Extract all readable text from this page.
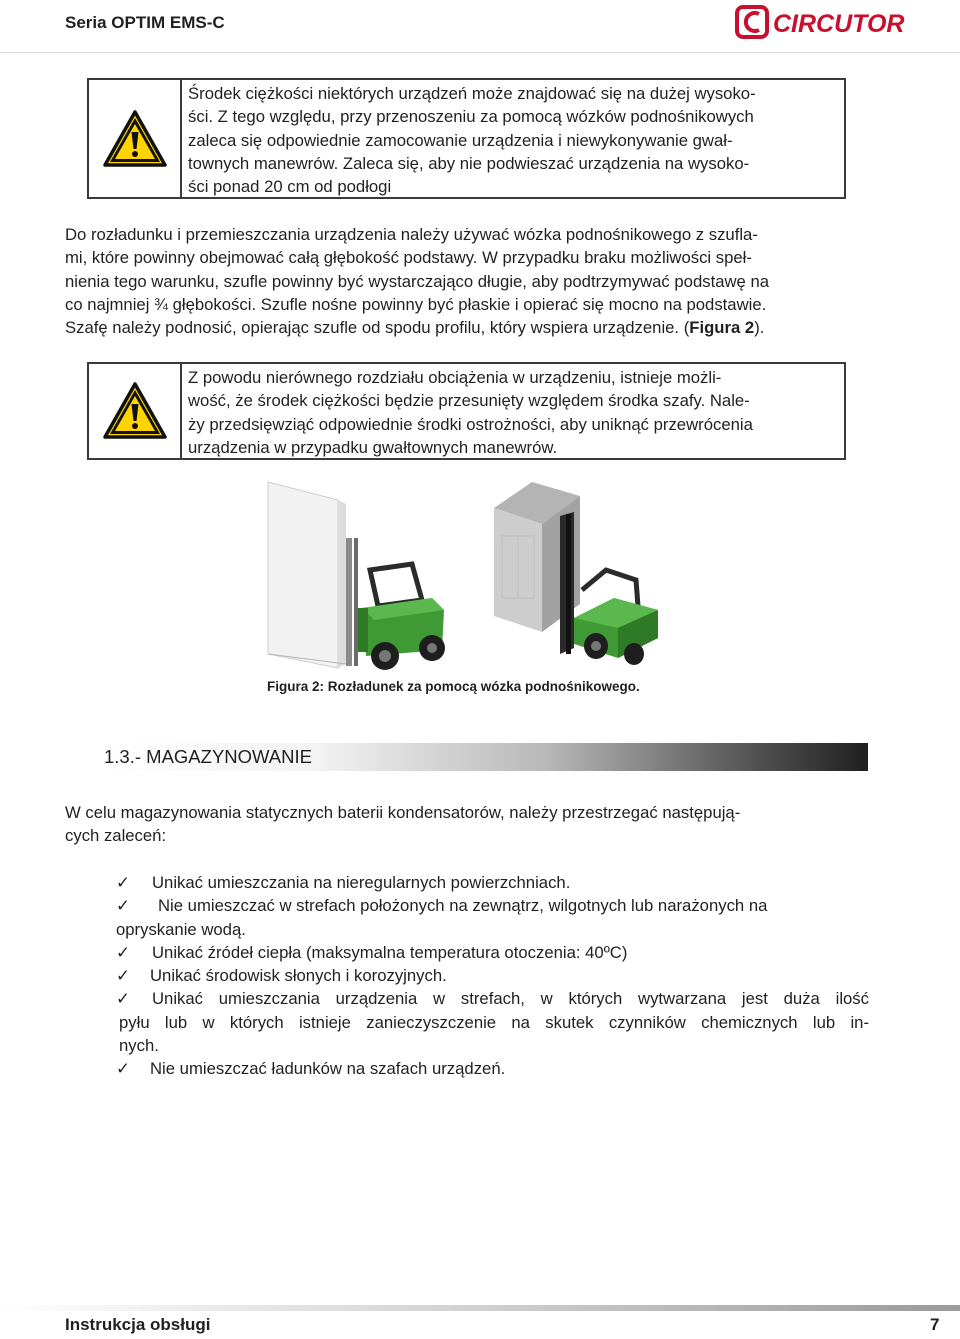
Seria OPTIM EMS-C	CIRCUTOR
Środek ciężkości niektórych urządzeń może znajdować się na dużej wysoko-
ści. Z tego względu, przy przenoszeniu za pomocą wózków podnośnikowych
zaleca się odpowiednie zamocowanie urządzenia i niewykonywanie gwał-
townych manewrów. Zaleca się, aby nie podwieszać urządzenia na wysoko-
ści ponad 20 cm od podłogi
Do rozładunku i przemieszczania urządzenia należy używać wózka podnośnikowego z szufla-
mi, które powinny obejmować całą głębokość podstawy. W przypadku braku możliwości speł-
nienia tego warunku, szufle powinny być wystarczająco długie, aby podtrzymywać podstawę na
co najmniej ¾ głębokości. Szufle nośne powinny być płaskie i opierać się mocno na podstawie.
Szafę należy podnosić, opierając szufle od spodu profilu, który wspiera urządzenie. (Figura 2).
Z powodu nierównego rozdziału obciążenia w urządzeniu, istnieje możli-
wość, że środek ciężkości będzie przesunięty względem środka szafy. Nale-
ży przedsięwziąć odpowiednie środki ostrożności, aby uniknąć przewrócenia
urządzenia w przypadku gwałtownych manewrów.
Figura 2: Rozładunek za pomocą wózka podnośnikowego.
1.3.- MAGAZYNOWANIE
W celu magazynowania statycznych baterii kondensatorów, należy przestrzegać następują-
cych zaleceń:
✓ Unikać umieszczania na nieregularnych powierzchniach.
✓ Nie umieszczać w strefach położonych na zewnątrz, wilgotnych lub narażonych na
opryskanie wodą.
✓ Unikać źródeł ciepła (maksymalna temperatura otoczenia: 40ºC)
✓ Unikać środowisk słonych i korozyjnych.
✓ Unikać umieszczania urządzenia w strefach, w których wytwarzana jest duża ilość
pyłu lub w których istnieje zanieczyszczenie na skutek czynników chemicznych lub in-
nych.
✓ Nie umieszczać ładunków na szafach urządzeń.
Instrukcja obsługi	7
